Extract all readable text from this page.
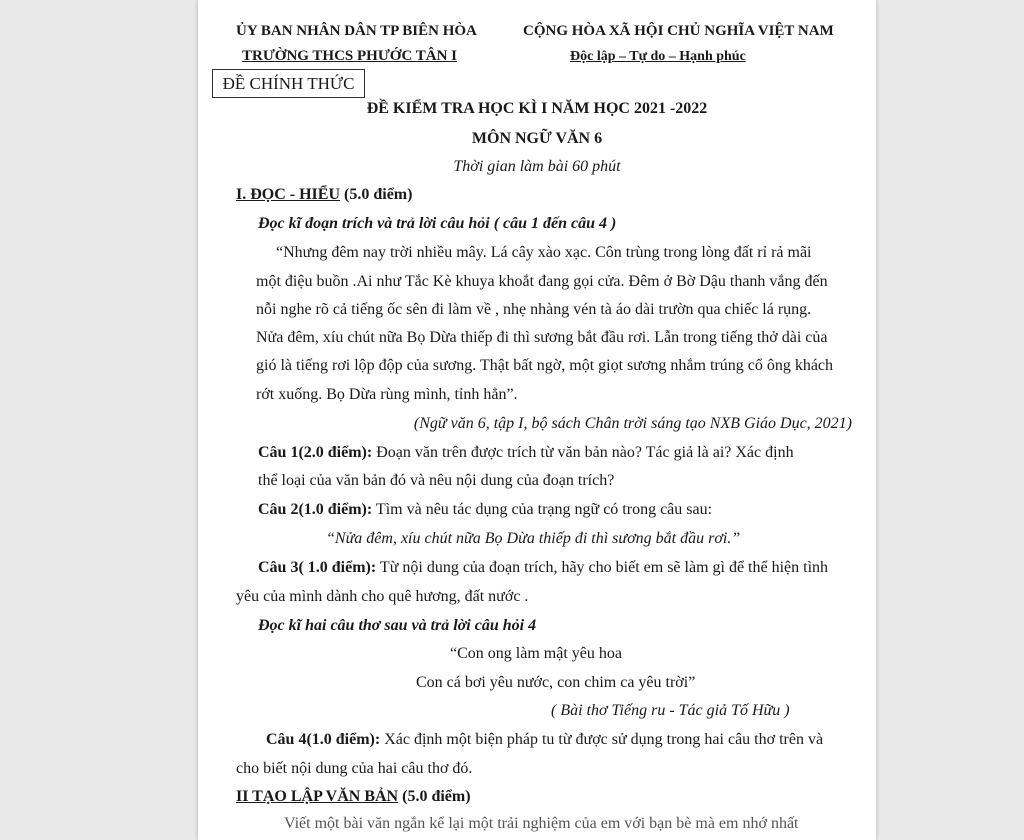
ỦY BAN NHÂN DÂN TP BIÊN HÒA
TRƯỜNG THCS PHƯỚC TÂN I
CỘNG HÒA XÃ HỘI CHỦ NGHĨA VIỆT NAM
Độc lập – Tự do – Hạnh phúc
ĐỀ CHÍNH THỨC
ĐỀ KIỂM TRA HỌC KÌ I NĂM HỌC 2021 -2022
MÔN NGỮ VĂN 6
Thời gian làm bài 60 phút
I. ĐỌC - HIỂU (5.0 điểm)
Đọc kĩ đoạn trích và trả lời câu hỏi ( câu 1 đến câu 4 )
“Nhưng đêm nay trời nhiều mây. Lá cây xào xạc. Côn trùng trong lòng đất rỉ rả mãi
một điệu buồn .Ai như Tắc Kè khuya khoắt đang gọi cửa. Đêm ở Bờ Dậu thanh vắng đến
nỗi nghe rõ cả tiếng ốc sên đi làm về , nhẹ nhàng vén tà áo dài trườn qua chiếc lá rụng.
Nửa đêm, xíu chút nữa Bọ Dừa thiếp đi thì sương bắt đầu rơi. Lẫn trong tiếng thở dài của
gió là tiếng rơi lộp độp của sương. Thật bất ngờ, một giọt sương nhắm trúng cổ ông khách
rớt xuống. Bọ Dừa rùng mình, tỉnh hẳn”.
(Ngữ văn 6, tập I, bộ sách Chân trời sáng tạo NXB Giáo Dục, 2021)
Câu 1(2.0 điểm): Đoạn văn trên được trích từ văn bản nào? Tác giả là ai? Xác định
thể loại của văn bản đó và nêu nội dung của đoạn trích?
Câu 2(1.0 điểm): Tìm và nêu tác dụng của trạng ngữ có trong câu sau:
“Nửa đêm, xíu chút nữa Bọ Dừa thiếp đi thì sương bắt đầu rơi.”
Câu 3( 1.0 điểm): Từ nội dung của đoạn trích, hãy cho biết em sẽ làm gì để thể hiện tình
yêu của mình dành cho quê hương, đất nước .
Đọc kĩ hai câu thơ sau và trả lời câu hỏi 4
“Con ong làm mật yêu hoa
Con cá bơi yêu nước, con chim ca yêu trời”
( Bài thơ Tiếng ru - Tác giả Tố Hữu )
Câu 4(1.0 điểm): Xác định một biện pháp tu từ được sử dụng trong hai câu thơ trên và
cho biết nội dung của hai câu thơ đó.
II TẠO LẬP VĂN BẢN (5.0 điểm)
Viết một bài văn ngắn kể lại một trải nghiệm của em với bạn bè mà em nhớ nhất
